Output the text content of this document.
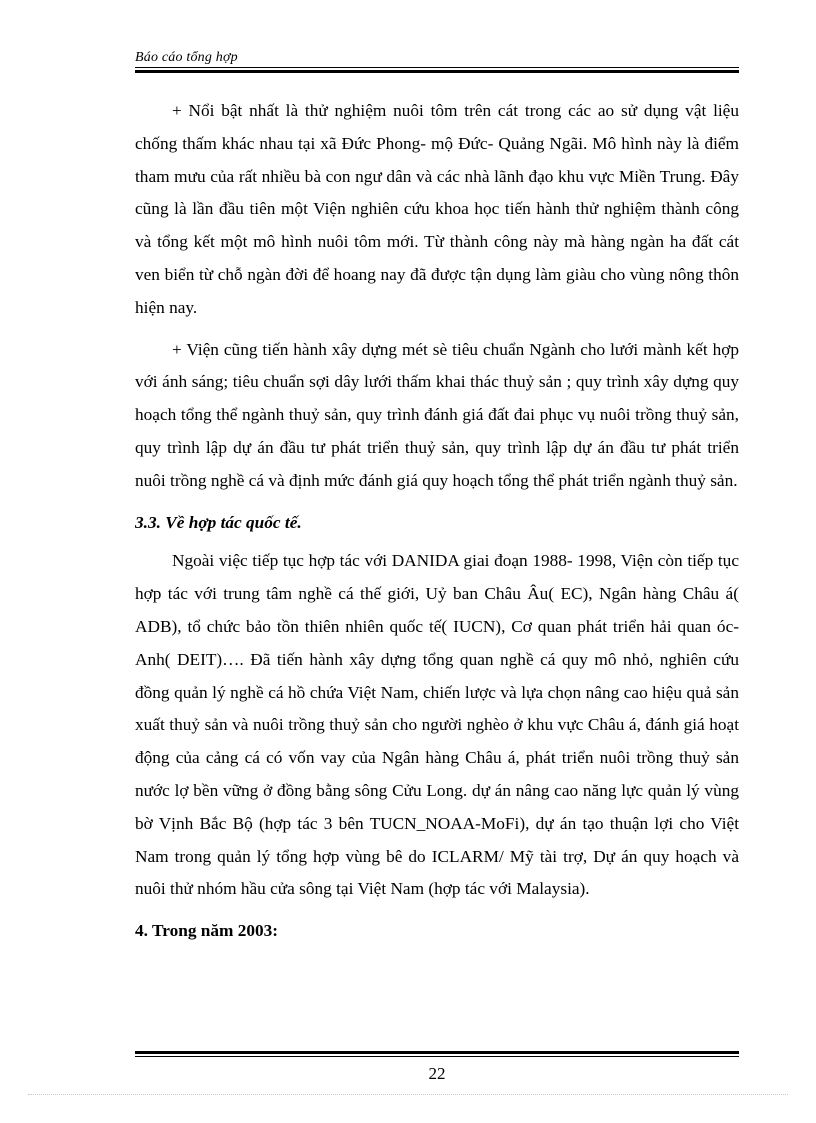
Báo cáo tổng hợp

+ Nổi bật nhất là thử nghiệm nuôi tôm trên cát trong các ao sử dụng vật liệu chống thấm khác nhau tại xã Đức Phong- mộ Đức- Quảng Ngãi. Mô hình này là điểm tham mưu của rất nhiều bà con ngư dân và các nhà lãnh đạo khu vực Miền Trung. Đây cũng là lần đầu tiên một Viện nghiên cứu khoa học tiến hành thử nghiệm thành công và tổng kết một mô hình nuôi tôm mới. Từ thành công này mà hàng ngàn ha đất cát ven biển từ chỗ ngàn đời để hoang nay đã được tận dụng làm giàu cho vùng nông thôn hiện nay.

+ Viện cũng tiến hành xây dựng mét sè tiêu chuẩn Ngành cho lưới mành kết hợp với ánh sáng; tiêu chuẩn sợi dây lưới thấm khai thác thuỷ sản ; quy trình xây dựng quy hoạch tổng thể ngành thuỷ sản, quy trình đánh giá đất đai phục vụ nuôi trồng thuỷ sản, quy trình lập dự án đầu tư phát triển thuỷ sản, quy trình lập dự án đầu tư phát triển nuôi trồng nghề cá và định mức đánh giá quy hoạch tổng thể phát triển ngành thuỷ sản.

3.3. Về hợp tác quốc tế.

Ngoài việc tiếp tục hợp tác với DANIDA giai đoạn 1988- 1998, Viện còn tiếp tục hợp tác với trung tâm nghề cá thế giới, Uỷ ban Châu Âu( EC), Ngân hàng Châu á( ADB), tổ chức bảo tồn thiên nhiên quốc tế( IUCN), Cơ quan phát triển hải quan óc- Anh( DEIT)…. Đã tiến hành xây dựng tổng quan nghề cá quy mô nhỏ, nghiên cứu đồng quản lý nghề cá hồ chứa Việt Nam, chiến lược và lựa chọn nâng cao hiệu quả sản xuất thuỷ sản và nuôi trồng thuỷ sản cho người nghèo ở khu vực Châu á, đánh giá hoạt động của cảng cá có vốn vay của Ngân hàng Châu á, phát triển nuôi trồng thuỷ sản nước lợ bền vững ở đồng bằng sông Cửu Long. dự án nâng cao năng lực quản lý vùng bờ Vịnh Bắc Bộ (hợp tác 3 bên TUCN_NOAA-MoFi), dự án tạo thuận lợi cho Việt Nam trong quản lý tổng hợp vùng bê do ICLARM/ Mỹ tài trợ, Dự án quy hoạch và nuôi thử nhóm hầu cửa sông tại Việt Nam (hợp tác với Malaysia).

4. Trong năm 2003:
22
